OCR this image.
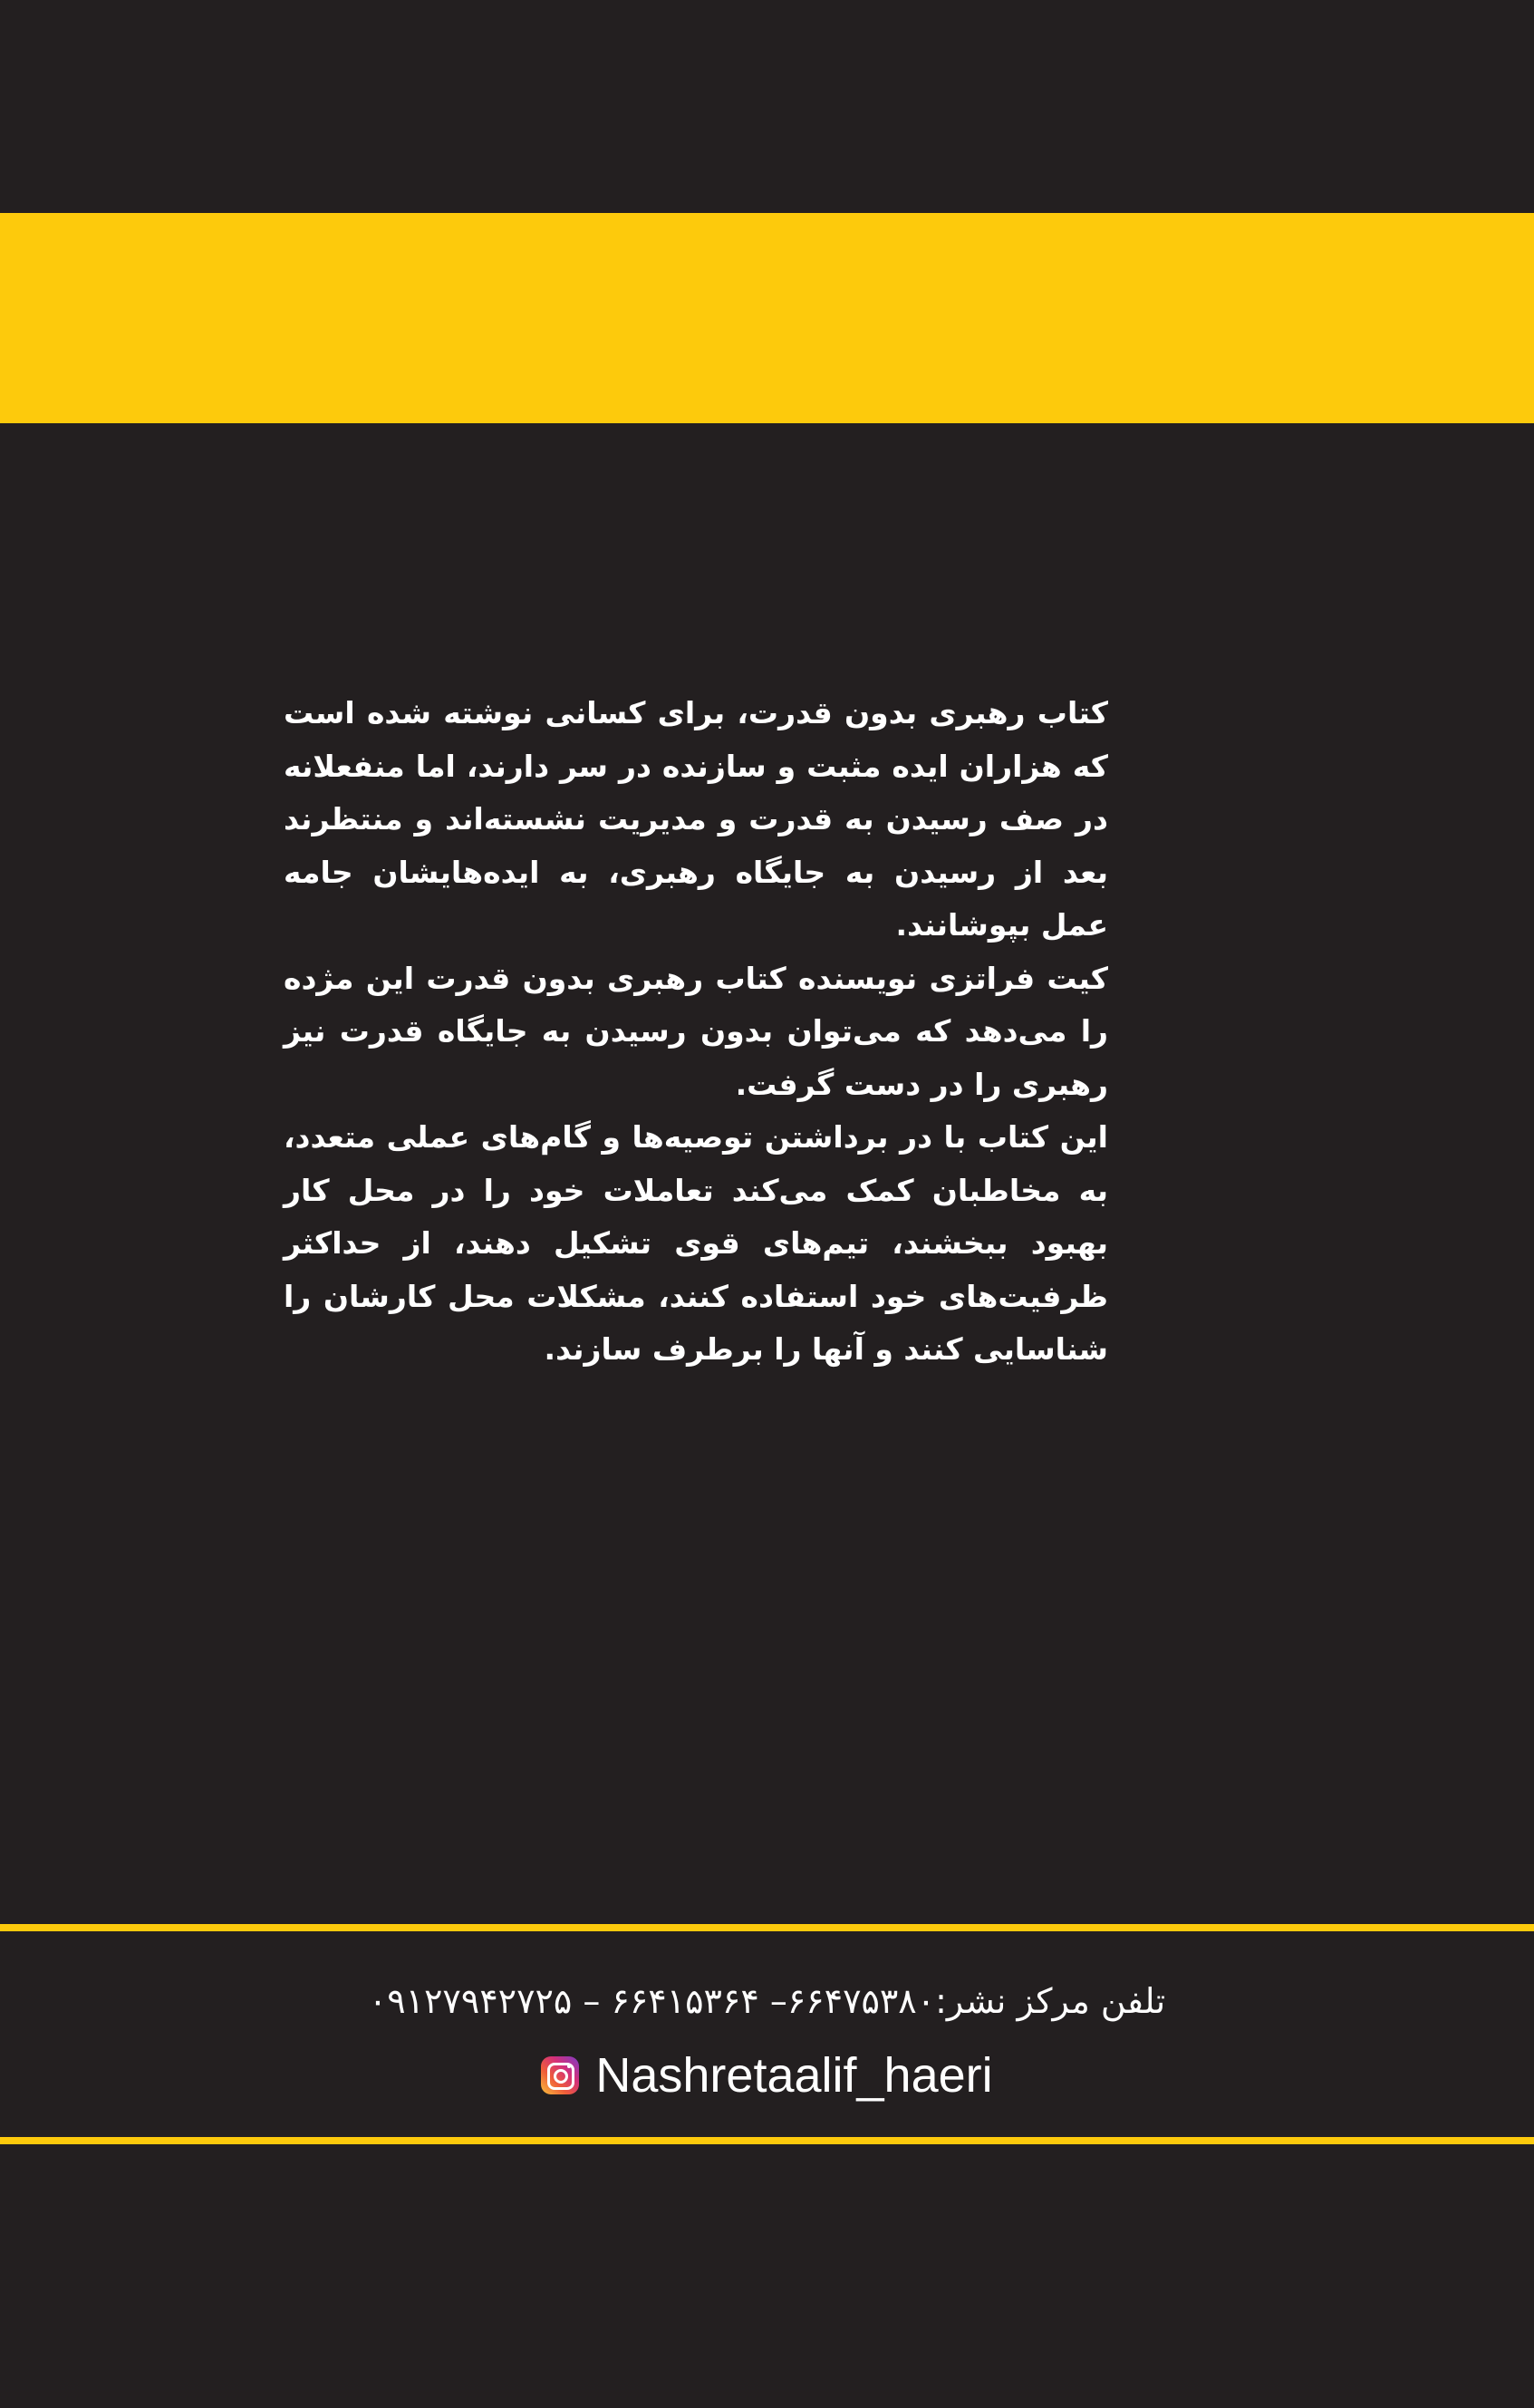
کتاب رهبری بدون قدرت، برای کسانی نوشته شده است که هزاران ایده مثبت و سازنده در سر دارند، اما منفعلانه در صف رسیدن به قدرت و مدیریت نشسته‌اند و منتظرند بعد از رسیدن به جایگاه رهبری، به ایده‌هایشان جامه عمل بپوشانند.

کیت فراتزی نویسنده کتاب رهبری بدون قدرت این مژده را می‌دهد که می‌توان بدون رسیدن به جایگاه قدرت نیز رهبری را در دست گرفت.

این کتاب با در برداشتن توصیه‌ها و گام‌های عملی متعدد، به مخاطبان کمک می‌کند تعاملات خود را در محل کار بهبود ببخشند، تیم‌های قوی تشکیل دهند، از حداکثر ظرفیت‌های خود استفاده کنند، مشکلات محل کارشان را شناسایی کنند و آنها را برطرف سازند.

تلفن مرکز نشر:۶۶۴۷۵۳۸۰– ۶۶۴۱۵۳۶۴ – ۰۹۱۲۷۹۴۲۷۲۵
Nashretaalif_haeri
